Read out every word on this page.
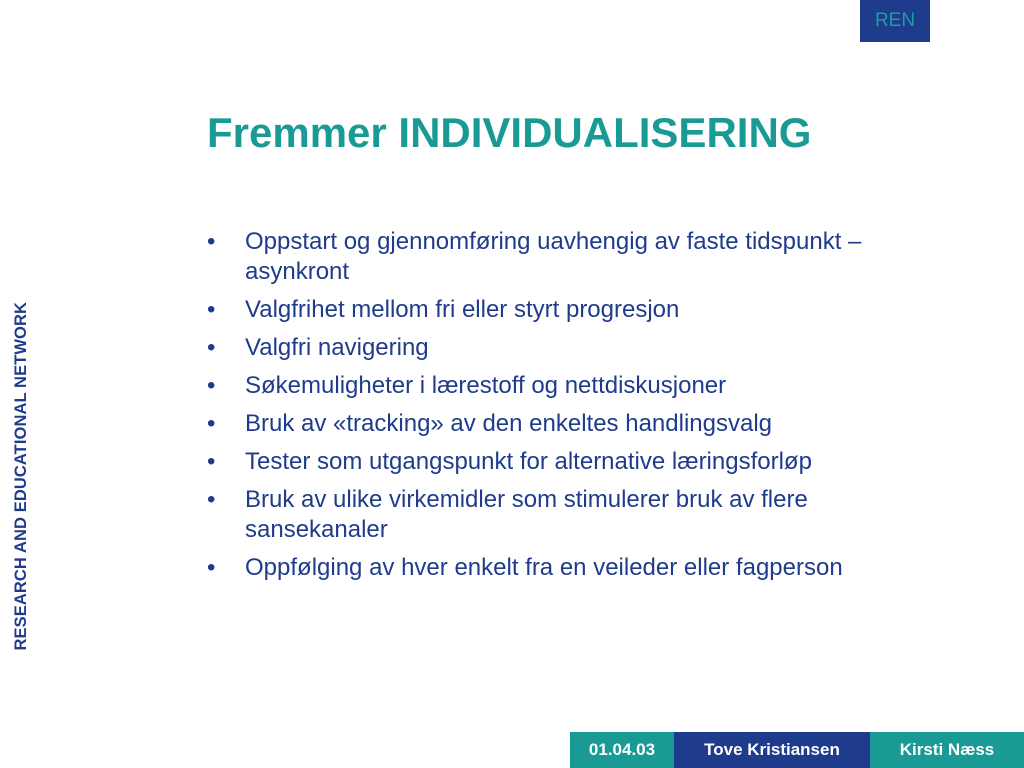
REN
RESEARCH AND EDUCATIONAL NETWORK
Fremmer INDIVIDUALISERING
•	Oppstart og gjennomføring uavhengig av faste tidspunkt – asynkront
•	Valgfrihet mellom fri eller styrt progresjon
•	Valgfri navigering
•	Søkemuligheter i lærestoff og nettdiskusjoner
•	Bruk av «tracking» av den enkeltes handlingsvalg
•	Tester som utgangspunkt for alternative læringsforløp
•	Bruk av ulike virkemidler som stimulerer bruk av flere sansekanaler
•	Oppfølging av hver enkelt fra en veileder eller fagperson
01.04.03	Tove Kristiansen	Kirsti Næss
